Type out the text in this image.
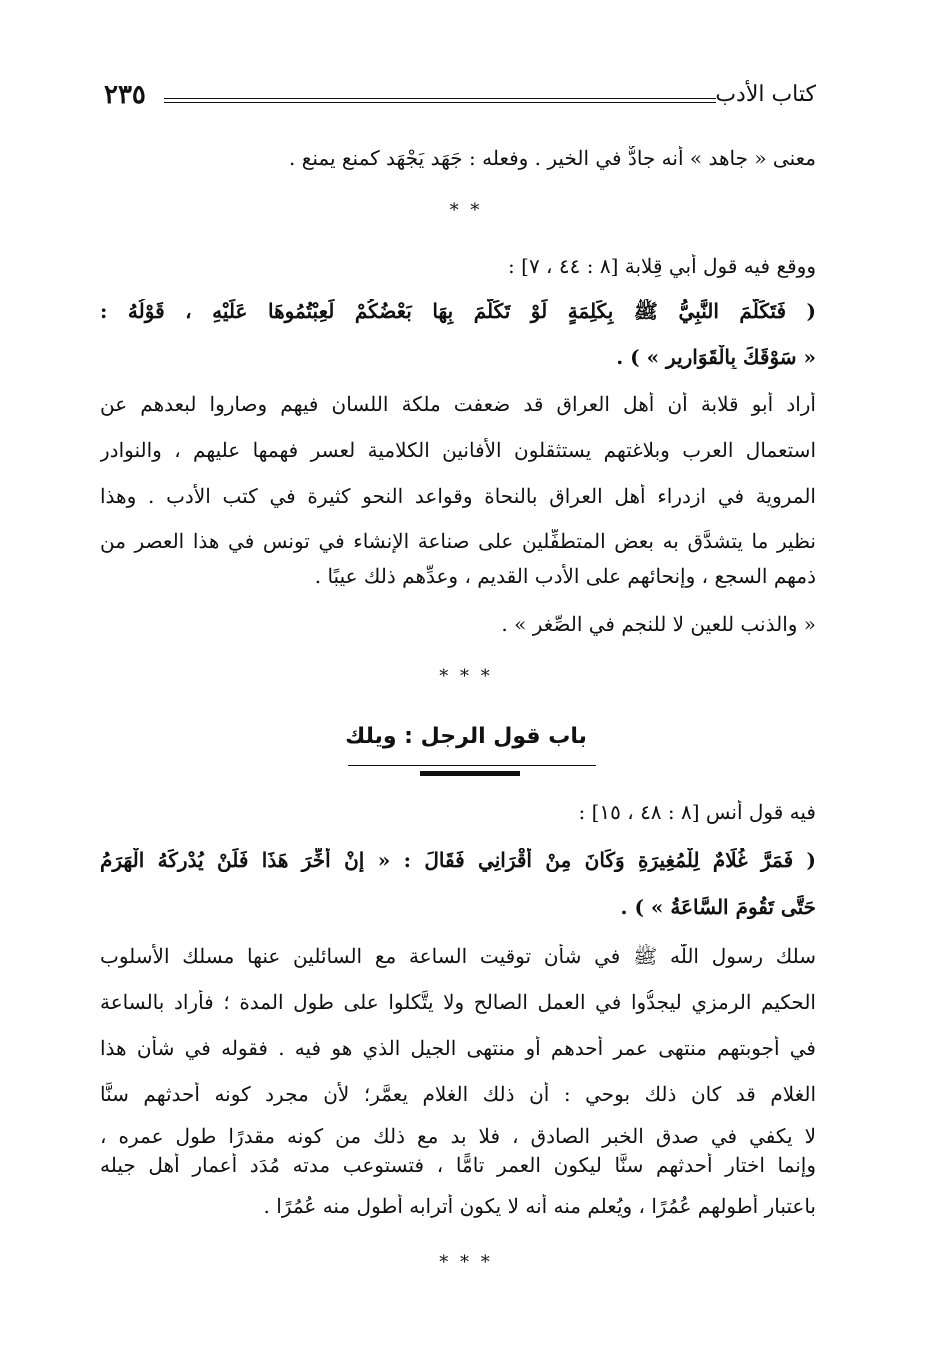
كتاب الأدب
٢٣٥
معنى « جاهد » أنه جادٌّ في الخير . وفعله : جَهَد يَجْهَد كمنع يمنع .
* *
ووقع فيه قول أبي قِلابة [٨ : ٤٤ ، ٧] :
( فَتَكَلَّمَ النَّبِيُّ ﷺ بِكَلِمَةٍ لَوْ تَكَلَّمَ بِهَا بَعْضُكُمْ لَعِبْتُمُوهَا عَلَيْهِ ، قَوْلُهُ :
« سَوْقَكَ بِالْقَوَارِيرِ » ) .
أراد أبو قلابة أن أهل العراق قد ضعفت ملكة اللسان فيهم وصاروا لبعدهم عن
استعمال العرب وبلاغتهم يستثقلون الأفانين الكلامية لعسر فهمها عليهم ، والنوادر
المروية في ازدراء أهل العراق بالنحاة وقواعد النحو كثيرة في كتب الأدب . وهذا
نظير ما يتشدَّق به بعض المتطفِّلين على صناعة الإنشاء في تونس في هذا العصر من
ذمهم السجع ، وإنحائهم على الأدب القديم ، وعدِّهم ذلك عيبًا .
« والذنب للعين لا للنجم في الصِّغر » .
* * *
باب قول الرجل : ويلك
فيه قول أنس [٨ : ٤٨ ، ١٥] :
( فَمَرَّ غُلَامٌ لِلْمُغِيرَةِ وَكَانَ مِنْ أَقْرَانِي فَقَالَ : « إِنْ أُخِّرَ هَذَا فَلَنْ يُدْرِكَهُ الْهَرَمُ
حَتَّى تَقُومَ السَّاعَةُ » ) .
سلك رسول اللّٰه ﷺ في شأن توقيت الساعة مع السائلين عنها مسلك الأسلوب
الحكيم الرمزي ليجدُّوا في العمل الصالح ولا يتَّكلوا على طول المدة ؛ فأراد بالساعة
في أجوبتهم منتهى عمر أحدهم أو منتهى الجيل الذي هو فيه . فقوله في شأن هذا
الغلام قد كان ذلك بوحي : أن ذلك الغلام يعمَّر؛ لأن مجرد كونه أحدثهم سنًّا
لا يكفي في صدق الخبر الصادق ، فلا بد مع ذلك من كونه مقدرًا طول عمره ،
وإنما اختار أحدثهم سنًّا ليكون العمر تامًّا ، فتستوعب مدته مُدَد أعمار أهل جيله
باعتبار أطولهم عُمُرًا ، ويُعلم منه أنه لا يكون أترابه أطول منه عُمُرًا .
* * *
